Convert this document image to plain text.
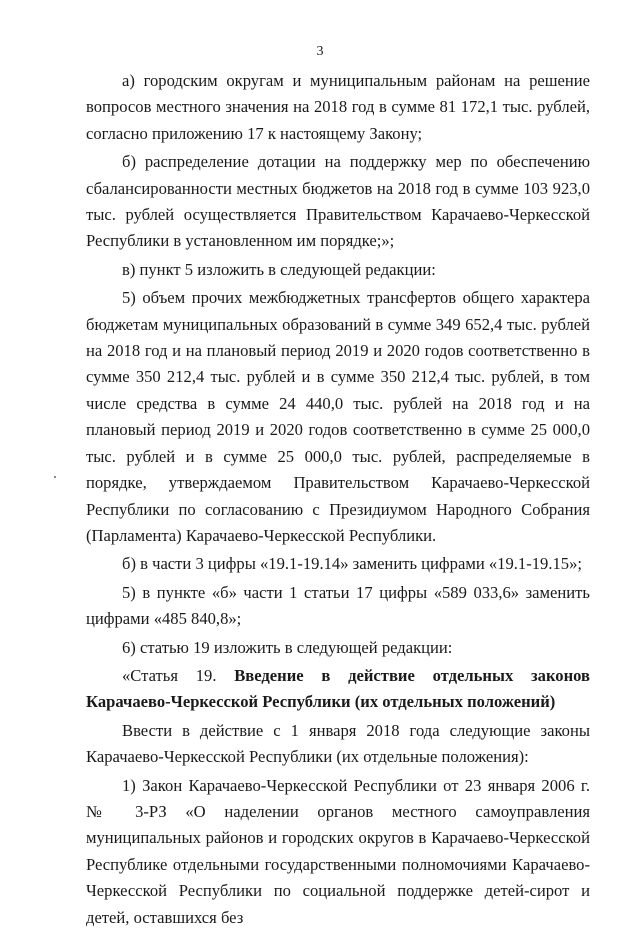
3

а) городским округам и муниципальным районам на решение вопросов местного значения на 2018 год в сумме 81 172,1 тыс. рублей, согласно приложению 17 к настоящему Закону;

б) распределение дотации на поддержку мер по обеспечению сбалансированности местных бюджетов на 2018 год в сумме 103 923,0 тыс. рублей осуществляется Правительством Карачаево-Черкесской Республики в установленном им порядке;»;

в) пункт 5 изложить в следующей редакции:

5) объем прочих межбюджетных трансфертов общего характера бюджетам муниципальных образований в сумме 349 652,4 тыс. рублей на 2018 год и на плановый период 2019 и 2020 годов соответственно в сумме 350 212,4 тыс. рублей и в сумме 350 212,4 тыс. рублей, в том числе средства в сумме 24 440,0 тыс. рублей на 2018 год и на плановый период 2019 и 2020 годов соответственно в сумме 25 000,0 тыс. рублей и в сумме 25 000,0 тыс. рублей, распределяемые в порядке, утверждаемом Правительством Карачаево-Черкесской Республики по согласованию с Президиумом Народного Собрания (Парламента) Карачаево-Черкесской Республики.

б) в части 3 цифры «19.1-19.14» заменить цифрами «19.1-19.15»;

5) в пункте «б» части 1 статьи 17 цифры «589 033,6» заменить цифрами «485 840,8»;

6) статью 19 изложить в следующей редакции:

«Статья 19. Введение в действие отдельных законов Карачаево-Черкесской Республики (их отдельных положений)

Ввести в действие с 1 января 2018 года следующие законы Карачаево-Черкесской Республики (их отдельные положения):

1) Закон Карачаево-Черкесской Республики от 23 января 2006 г. № 3-РЗ «О наделении органов местного самоуправления муниципальных районов и городских округов в Карачаево-Черкесской Республике отдельными государственными полномочиями Карачаево-Черкесской Республики по социальной поддержке детей-сирот и детей, оставшихся без
